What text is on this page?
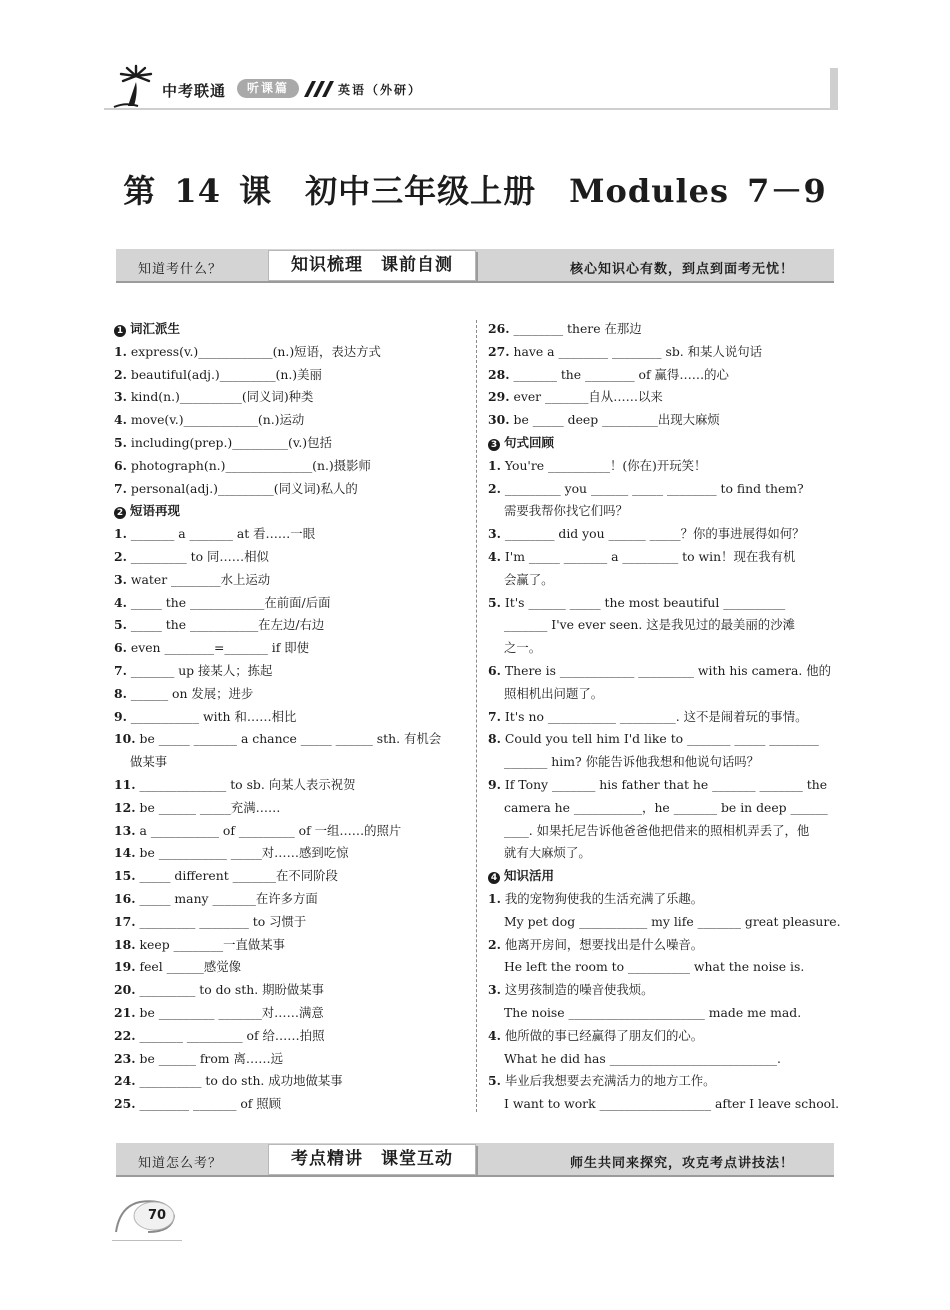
中考联通	听课篇	英语（外研）
第 14 课　初中三年级上册　Modules 7－9
知道考什么？	知识梳理　课前自测	核心知识心有数，到点到面考无忧！
1 词汇派生
1. express(v.)____________(n.)短语，表达方式
2. beautiful(adj.)_________(n.)美丽
3. kind(n.)__________(同义词)种类
4. move(v.)____________(n.)运动
5. including(prep.)_________(v.)包括
6. photograph(n.)______________(n.)摄影师
7. personal(adj.)_________(同义词)私人的
2 短语再现
1. _______ a _______ at 看……一眼
2. _________ to 同……相似
3. water ________水上运动
4. _____ the ____________在前面/后面
5. _____ the ___________在左边/右边
6. even ________=_______ if 即使
7. _______ up 接某人；拣起
8. ______ on 发展；进步
9. ___________ with 和……相比
10. be _____ _______ a chance _____ ______ sth. 有机会
做某事
11. ______________ to sb. 向某人表示祝贺
12. be ______ _____充满……
13. a ___________ of _________ of 一组……的照片
14. be ___________ _____对……感到吃惊
15. _____ different _______在不同阶段
16. _____ many _______在许多方面
17. _________ ________ to 习惯于
18. keep ________一直做某事
19. feel ______感觉像
20. _________ to do sth. 期盼做某事
21. be _________ _______对……满意
22. _______ _________ of 给……拍照
23. be ______ from 离……远
24. __________ to do sth. 成功地做某事
25. ________ _______ of 照顾
26. ________ there 在那边
27. have a ________ ________ sb. 和某人说句话
28. _______ the ________ of 赢得……的心
29. ever _______自从……以来
30. be _____ deep _________出现大麻烦
3 句式回顾
1. You're __________！(你在)开玩笑！
2. _________ you ______ _____ ________ to find them?
需要我帮你找它们吗？
3. ________ did you ______ _____？你的事进展得如何？
4. I'm _____ _______ a _________ to win！现在我有机
会赢了。
5. It's ______ _____ the most beautiful __________
_______ I've ever seen. 这是我见过的最美丽的沙滩
之一。
6. There is ____________ _________ with his camera. 他的
照相机出问题了。
7. It's no ___________ _________. 这不是闹着玩的事情。
8. Could you tell him I'd like to _______ _____ ________
_______ him? 你能告诉他我想和他说句话吗？
9. If Tony _______ his father that he _______ _______ the
camera he ___________，he _______ be in deep ______
____. 如果托尼告诉他爸爸他把借来的照相机弄丢了，他
就有大麻烦了。
4 知识活用
1. 我的宠物狗使我的生活充满了乐趣。
My pet dog ___________ my life _______ great pleasure.
2. 他离开房间，想要找出是什么噪音。
He left the room to __________ what the noise is.
3. 这男孩制造的噪音使我烦。
The noise ______________________ made me mad.
4. 他所做的事已经赢得了朋友们的心。
What he did has ___________________________.
5. 毕业后我想要去充满活力的地方工作。
I want to work __________________ after I leave school.
知道怎么考？	考点精讲　课堂互动	师生共同来探究，攻克考点讲技法！
70
